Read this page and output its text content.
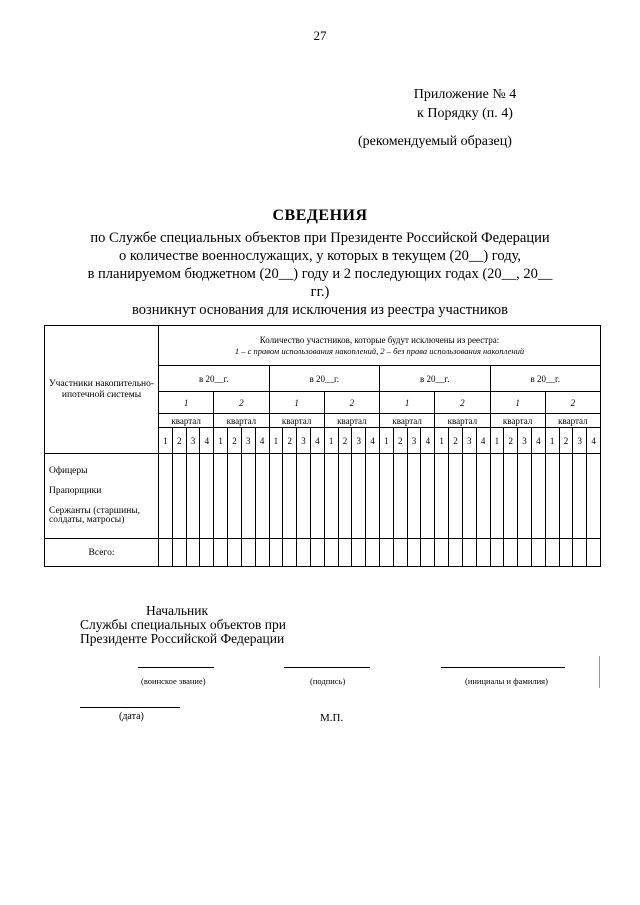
27
Приложение № 4
к Порядку (п. 4)
(рекомендуемый образец)
СВЕДЕНИЯ
по Службе специальных объектов при Президенте Российской Федерации
о количестве военнослужащих, у которых в текущем (20__) году,
в планируемом бюджетном (20__) году и 2 последующих годах (20__, 20__
гг.)
возникнут основания для исключения из реестра участников
Участники накопительно-ипотечной системы	Количество участников, которые будут исключены из реестра:
1 – с правом использования накоплений, 2 – без права использования накоплений																															

	в 20__г.								в 20__г.								в 20__г.								в 20__г.							
	1				2				1				2				1				2				1				2			
	квартал				квартал				квартал				квартал				квартал				квартал				квартал				квартал			
	1	2	3	4	1	2	3	4	1	2	3	4	1	2	3	4	1	2	3	4	1	2	3	4	1	2	3	4	1	2	3	4

Офицеры
Прапорщики
Сержанты (старшины, солдаты, матросы)																																

Всего:																																
Начальник
Службы специальных объектов при
Президенте Российской Федерации
(воинское звание)	(подпись)	(инициалы и фамилия)
(дата)	М.П.
